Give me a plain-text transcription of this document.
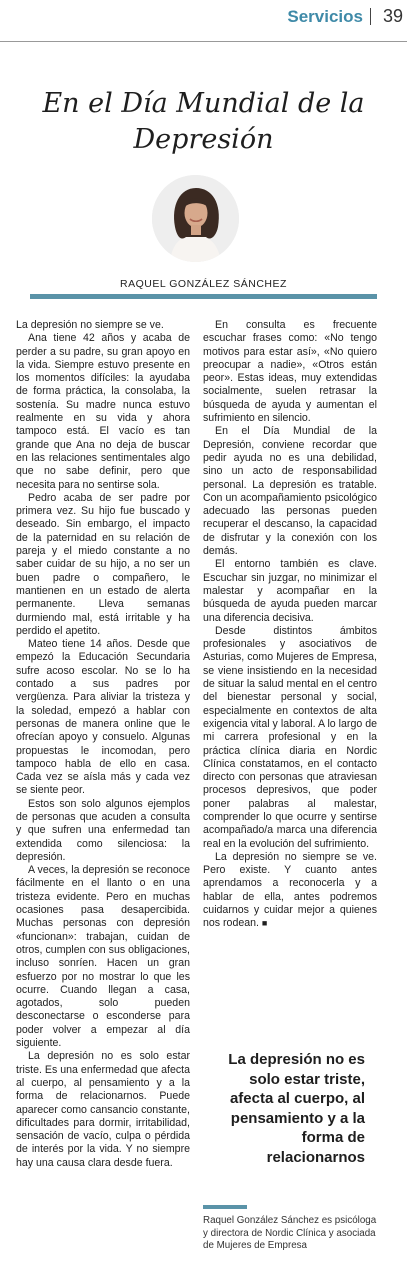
Servicios 39
En el Día Mundial de la Depresión
RAQUEL GONZÁLEZ SÁNCHEZ

La depresión no siempre se ve.

Ana tiene 42 años y acaba de perder a su padre, su gran apoyo en la vida. Siempre estuvo presente en los momentos difíciles: la ayudaba de forma práctica, la consolaba, la sostenía. Su madre nunca estuvo realmente en su vida y ahora tampoco está. El vacío es tan grande que Ana no deja de buscar en las relaciones sentimentales algo que no sabe definir, pero que necesita para no sentirse sola.

Pedro acaba de ser padre por primera vez. Su hijo fue buscado y deseado. Sin embargo, el impacto de la paternidad en su relación de pareja y el miedo constante a no saber cuidar de su hijo, a no ser un buen padre o compañero, le mantienen en un estado de alerta permanente. Lleva semanas durmiendo mal, está irritable y ha perdido el apetito.

Mateo tiene 14 años. Desde que empezó la Educación Secundaria sufre acoso escolar. No se lo ha contado a sus padres por vergüenza. Para aliviar la tristeza y la soledad, empezó a hablar con personas de manera online que le ofrecían apoyo y consuelo. Algunas propuestas le incomodan, pero tampoco habla de ello en casa. Cada vez se aísla más y cada vez se siente peor.

Estos son solo algunos ejemplos de personas que acuden a consulta y que sufren una enfermedad tan extendida como silenciosa: la depresión.

A veces, la depresión se reconoce fácilmente en el llanto o en una tristeza evidente. Pero en muchas ocasiones pasa desapercibida. Muchas personas con depresión «funcionan»: trabajan, cuidan de otros, cumplen con sus obligaciones, incluso sonríen. Hacen un gran esfuerzo por no mostrar lo que les ocurre. Cuando llegan a casa, agotados, solo pueden desconectarse o esconderse para poder volver a empezar al día siguiente.

La depresión no es solo estar triste. Es una enfermedad que afecta al cuerpo, al pensamiento y a la forma de relacionarnos. Puede aparecer como cansancio constante, dificultades para dormir, irritabilidad, sensación de vacío, culpa o pérdida de interés por la vida. Y no siempre hay una causa clara desde fuera.

En consulta es frecuente escuchar frases como: «No tengo motivos para estar así», «No quiero preocupar a nadie», «Otros están peor». Estas ideas, muy extendidas socialmente, suelen retrasar la búsqueda de ayuda y aumentan el sufrimiento en silencio.

En el Día Mundial de la Depresión, conviene recordar que pedir ayuda no es una debilidad, sino un acto de responsabilidad personal. La depresión es tratable. Con un acompañamiento psicológico adecuado las personas pueden recuperar el descanso, la capacidad de disfrutar y la conexión con los demás.

El entorno también es clave. Escuchar sin juzgar, no minimizar el malestar y acompañar en la búsqueda de ayuda pueden marcar una diferencia decisiva.

Desde distintos ámbitos profesionales y asociativos de Asturias, como Mujeres de Empresa, se viene insistiendo en la necesidad de situar la salud mental en el centro del bienestar personal y social, especialmente en contextos de alta exigencia vital y laboral. A lo largo de mi carrera profesional y en la práctica clínica diaria en Nordic Clínica constatamos, en el contacto directo con personas que atraviesan procesos depresivos, que poder poner palabras al malestar, comprender lo que ocurre y sentirse acompañado/a marca una diferencia real en la evolución del sufrimiento.

La depresión no siempre se ve. Pero existe. Y cuanto antes aprendamos a reconocerla y a hablar de ella, antes podremos cuidarnos y cuidar mejor a quienes nos rodean. ■

La depresión no es solo estar triste, afecta al cuerpo, al pensamiento y a la forma de relacionarnos
Raquel González Sánchez es psicóloga y directora de Nordic Clínica y asociada de Mujeres de Empresa
